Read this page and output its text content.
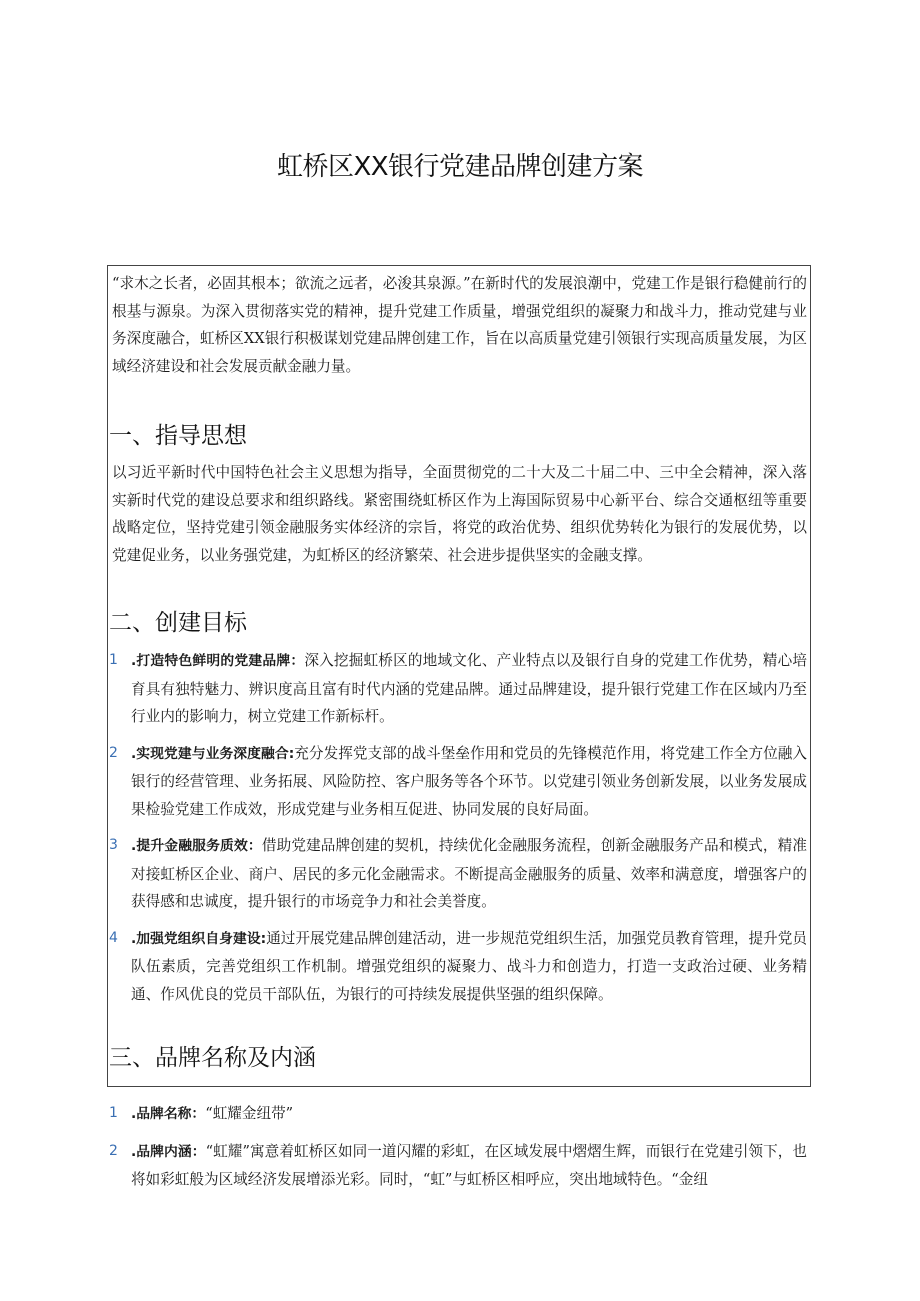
虹桥区XX银行党建品牌创建方案

“求木之长者，必固其根本；欲流之远者，必浚其泉源。”在新时代的发展浪潮中，党建工作是银行稳健前行的根基与源泉。为深入贯彻落实党的精神，提升党建工作质量，增强党组织的凝聚力和战斗力，推动党建与业务深度融合，虹桥区XX银行积极谋划党建品牌创建工作，旨在以高质量党建引领银行实现高质量发展，为区域经济建设和社会发展贡献金融力量。

一、指导思想

以习近平新时代中国特色社会主义思想为指导，全面贯彻党的二十大及二十届二中、三中全会精神，深入落实新时代党的建设总要求和组织路线。紧密围绕虹桥区作为上海国际贸易中心新平台、综合交通枢纽等重要战略定位，坚持党建引领金融服务实体经济的宗旨，将党的政治优势、组织优势转化为银行的发展优势，以党建促业务，以业务强党建，为虹桥区的经济繁荣、社会进步提供坚实的金融支撑。

二、创建目标
1 .打造特色鲜明的党建品牌：深入挖掘虹桥区的地域文化、产业特点以及银行自身的党建工作优势，精心培育具有独特魅力、辨识度高且富有时代内涵的党建品牌。通过品牌建设，提升银行党建工作在区域内乃至行业内的影响力，树立党建工作新标杆。
2 .实现党建与业务深度融合:充分发挥党支部的战斗堡垒作用和党员的先锋模范作用，将党建工作全方位融入银行的经营管理、业务拓展、风险防控、客户服务等各个环节。以党建引领业务创新发展，以业务发展成果检验党建工作成效，形成党建与业务相互促进、协同发展的良好局面。
3 .提升金融服务质效：借助党建品牌创建的契机，持续优化金融服务流程，创新金融服务产品和模式，精准对接虹桥区企业、商户、居民的多元化金融需求。不断提高金融服务的质量、效率和满意度，增强客户的获得感和忠诚度，提升银行的市场竞争力和社会美誉度。
4 .加强党组织自身建设:通过开展党建品牌创建活动，进一步规范党组织生活，加强党员教育管理，提升党员队伍素质，完善党组织工作机制。增强党组织的凝聚力、战斗力和创造力，打造一支政治过硬、业务精通、作风优良的党员干部队伍，为银行的可持续发展提供坚强的组织保障。
三、品牌名称及内涵
1 .品牌名称：“虹耀金纽带”
2 .品牌内涵：“虹耀”寓意着虹桥区如同一道闪耀的彩虹，在区域发展中熠熠生辉，而银行在党建引领下，也将如彩虹般为区域经济发展增添光彩。同时，“虹”与虹桥区相呼应，突出地域特色。“金纽
